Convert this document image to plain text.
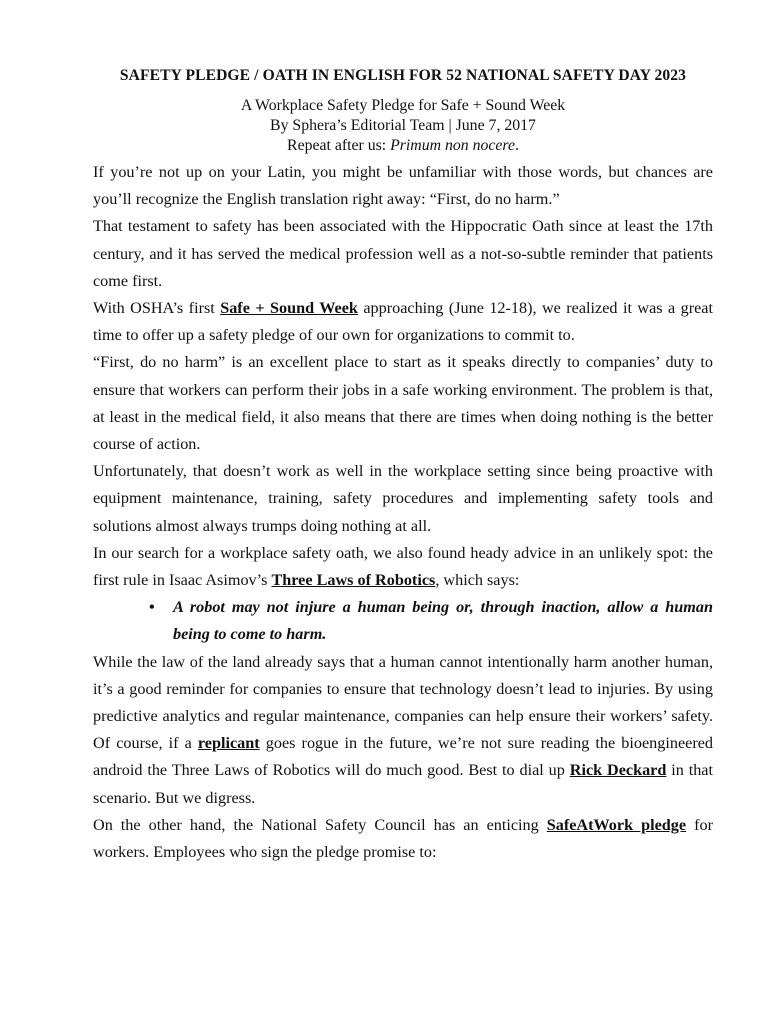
SAFETY PLEDGE / OATH IN ENGLISH FOR 52 NATIONAL SAFETY DAY 2023

A Workplace Safety Pledge for Safe + Sound Week

By Sphera’s Editorial Team | June 7, 2017

Repeat after us: Primum non nocere.

If you’re not up on your Latin, you might be unfamiliar with those words, but chances are you’ll recognize the English translation right away: “First, do no harm.”

That testament to safety has been associated with the Hippocratic Oath since at least the 17th century, and it has served the medical profession well as a not-so-subtle reminder that patients come first.

With OSHA’s first Safe + Sound Week approaching (June 12-18), we realized it was a great time to offer up a safety pledge of our own for organizations to commit to.

“First, do no harm” is an excellent place to start as it speaks directly to companies’ duty to ensure that workers can perform their jobs in a safe working environment. The problem is that, at least in the medical field, it also means that there are times when doing nothing is the better course of action.

Unfortunately, that doesn’t work as well in the workplace setting since being proactive with equipment maintenance, training, safety procedures and implementing safety tools and solutions almost always trumps doing nothing at all.

In our search for a workplace safety oath, we also found heady advice in an unlikely spot: the first rule in Isaac Asimov’s Three Laws of Robotics, which says:

• A robot may not injure a human being or, through inaction, allow a human being to come to harm.

While the law of the land already says that a human cannot intentionally harm another human, it’s a good reminder for companies to ensure that technology doesn’t lead to injuries. By using predictive analytics and regular maintenance, companies can help ensure their workers’ safety. Of course, if a replicant goes rogue in the future, we’re not sure reading the bioengineered android the Three Laws of Robotics will do much good. Best to dial up Rick Deckard in that scenario. But we digress.

On the other hand, the National Safety Council has an enticing SafeAtWork pledge for workers. Employees who sign the pledge promise to:
